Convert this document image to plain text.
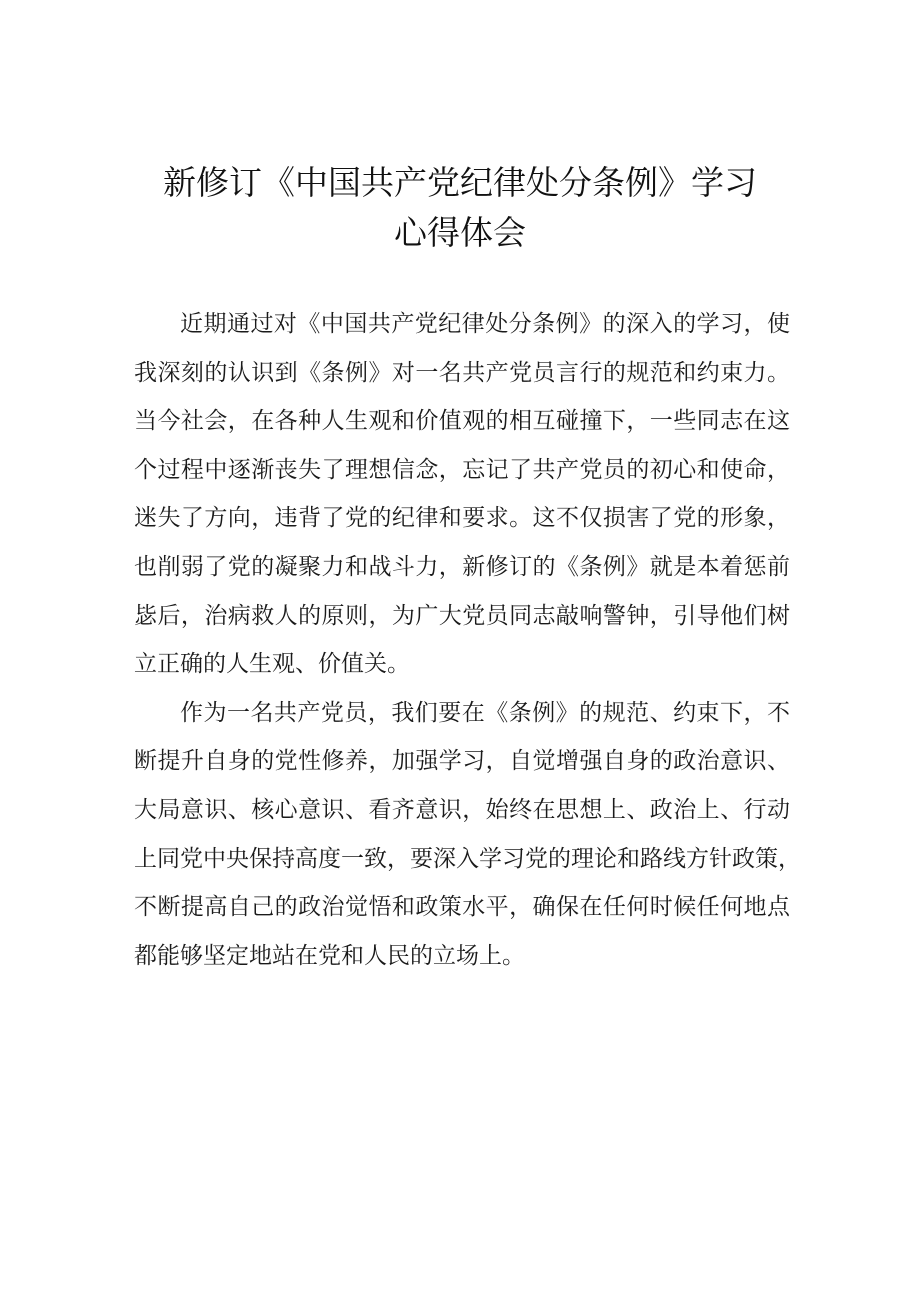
新修订《中国共产党纪律处分条例》学习
心得体会
近期通过对《中国共产党纪律处分条例》的深入的学习，使
我深刻的认识到《条例》对一名共产党员言行的规范和约束力。
当今社会，在各种人生观和价值观的相互碰撞下，一些同志在这
个过程中逐渐丧失了理想信念，忘记了共产党员的初心和使命，
迷失了方向，违背了党的纪律和要求。这不仅损害了党的形象，
也削弱了党的凝聚力和战斗力，新修订的《条例》就是本着惩前
毖后，治病救人的原则，为广大党员同志敲响警钟，引导他们树
立正确的人生观、价值关。
作为一名共产党员，我们要在《条例》的规范、约束下，不
断提升自身的党性修养，加强学习，自觉增强自身的政治意识、
大局意识、核心意识、看齐意识，始终在思想上、政治上、行动
上同党中央保持高度一致，要深入学习党的理论和路线方针政策，
不断提高自己的政治觉悟和政策水平，确保在任何时候任何地点
都能够坚定地站在党和人民的立场上。
